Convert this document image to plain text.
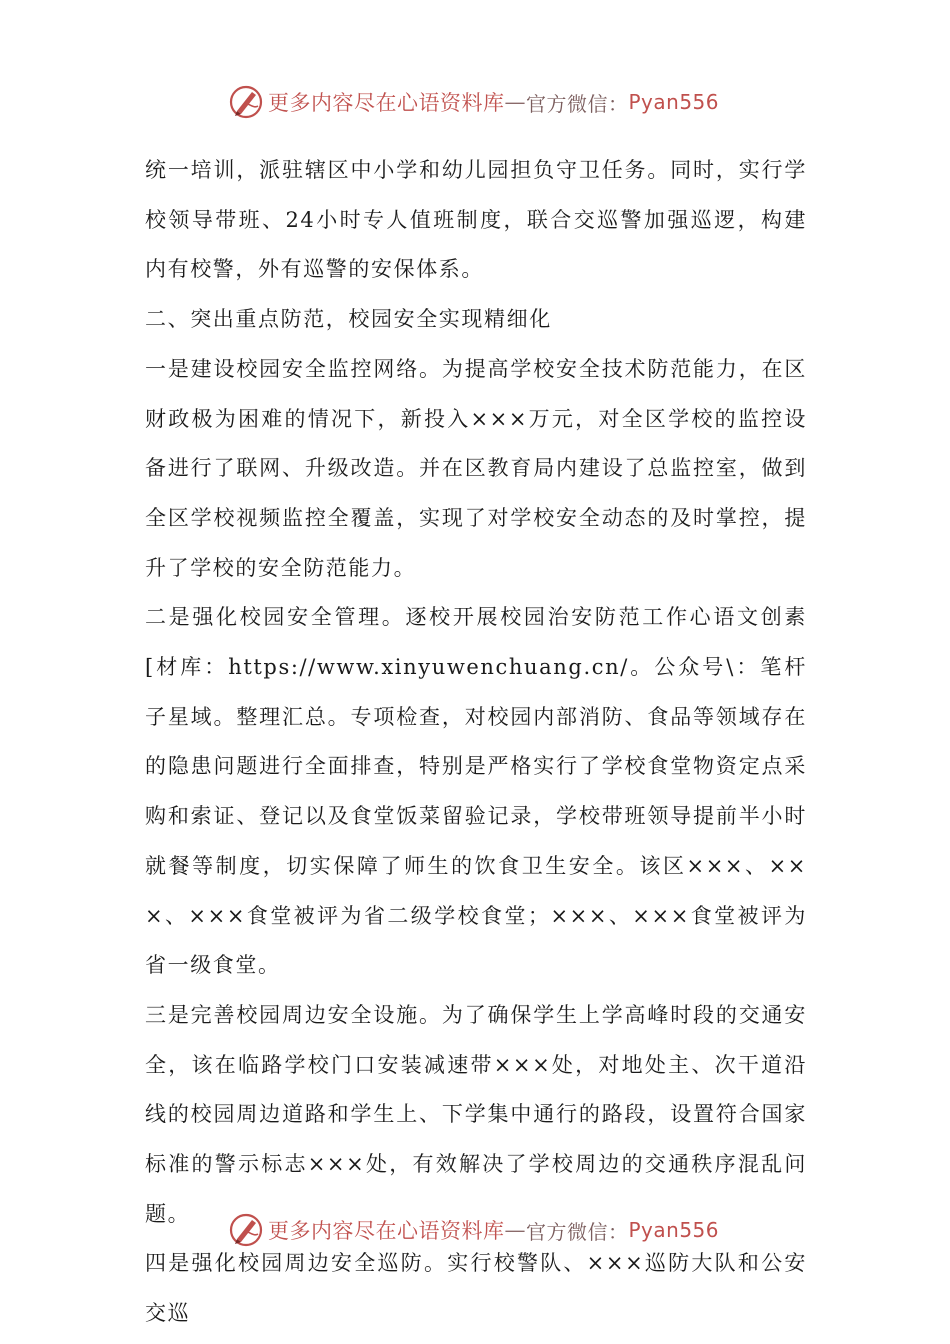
更多内容尽在心语资料库 — 官方微信： Pyan556

统一培训，派驻辖区中小学和幼儿园担负守卫任务。同时，实行学校领导带班、24小时专人值班制度，联合交巡警加强巡逻，构建内有校警，外有巡警的安保体系。

二、突出重点防范，校园安全实现精细化

一是建设校园安全监控网络。为提高学校安全技术防范能力，在区财政极为困难的情况下，新投入×××万元，对全区学校的监控设备进行了联网、升级改造。并在区教育局内建设了总监控室，做到全区学校视频监控全覆盖，实现了对学校安全动态的及时掌控，提升了学校的安全防范能力。

二是强化校园安全管理。逐校开展校园治安防范工作心语文创素[材库：https://www.xinyuwenchuang.cn/。公众号\：笔杆子星域。整理汇总。专项检查，对校园内部消防、食品等领域存在的隐患问题进行全面排查，特别是严格实行了学校食堂物资定点采购和索证、登记以及食堂饭菜留验记录，学校带班领导提前半小时就餐等制度，切实保障了师生的饮食卫生安全。该区×××、×××、×××食堂被评为省二级学校食堂；×××、×××食堂被评为省一级食堂。

三是完善校园周边安全设施。为了确保学生上学高峰时段的交通安全，该在临路学校门口安装减速带×××处，对地处主、次干道沿线的校园周边道路和学生上、下学集中通行的路段，设置符合国家标准的警示标志×××处，有效解决了学校周边的交通秩序混乱问题。

四是强化校园周边安全巡防。实行校警队、×××巡防大队和公安交巡

更多内容尽在心语资料库 — 官方微信： Pyan556
